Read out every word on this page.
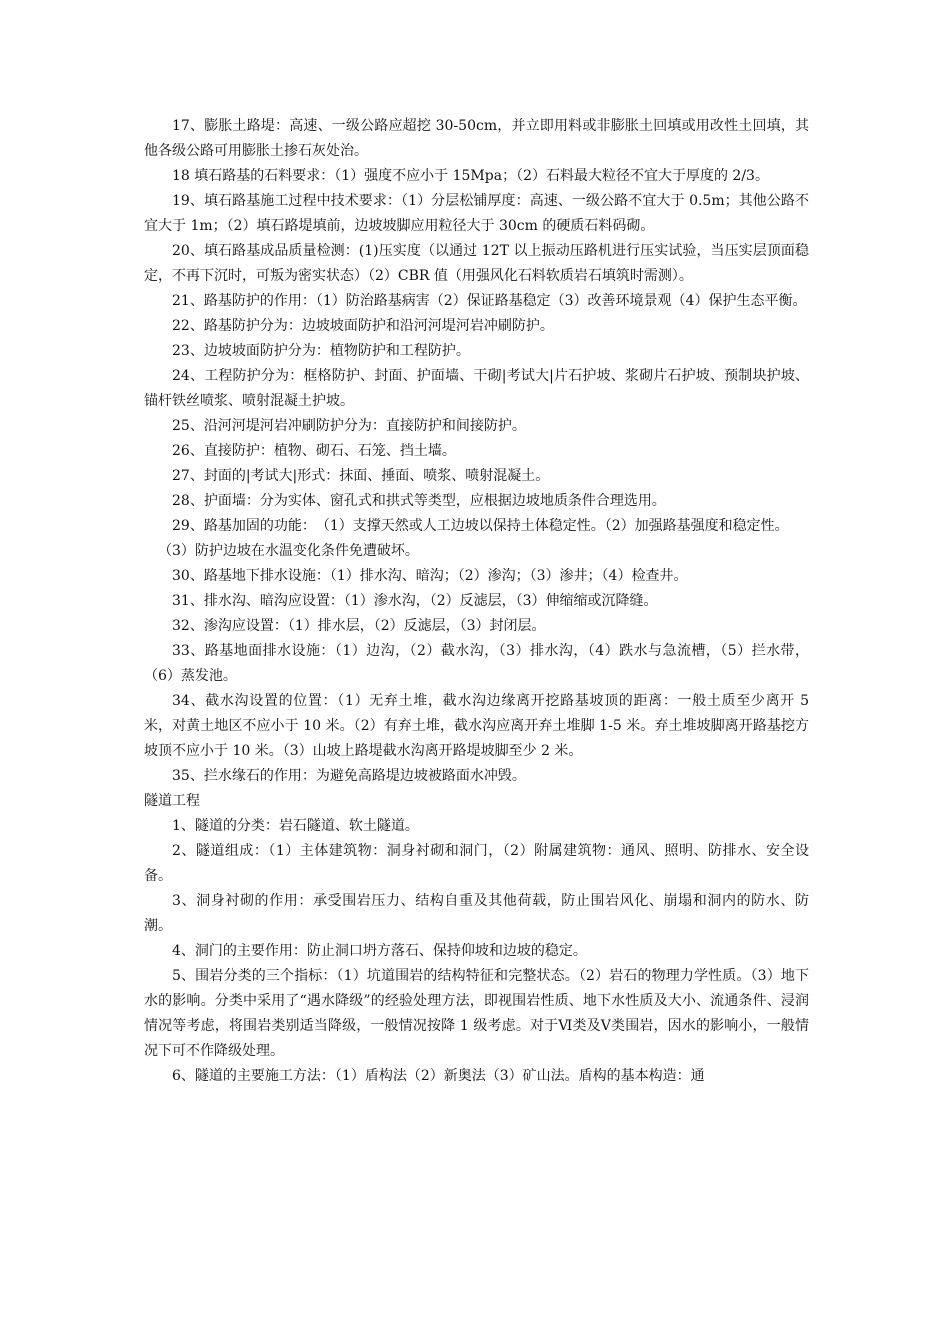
17、膨胀土路堤：高速、一级公路应超挖 30-50cm，并立即用料或非膨胀土回填或用改性土回填，其他各级公路可用膨胀土掺石灰处治。

18 填石路基的石料要求：（1）强度不应小于 15Mpa；（2）石料最大粒径不宜大于厚度的 2/3。

19、填石路基施工过程中技术要求：（1）分层松铺厚度：高速、一级公路不宜大于 0.5m；其他公路不宜大于 1m；（2）填石路堤填前，边坡坡脚应用粒径大于 30cm 的硬质石料码砌。

20、填石路基成品质量检测：(1)压实度（以通过 12T 以上振动压路机进行压实试验，当压实层顶面稳定，不再下沉时，可叛为密实状态）（2）CBR 值（用强风化石料软质岩石填筑时需测）。

21、路基防护的作用：（1）防治路基病害（2）保证路基稳定（3）改善环境景观（4）保护生态平衡。

22、路基防护分为：边坡坡面防护和沿河河堤河岩冲刷防护。

23、边坡坡面防护分为：植物防护和工程防护。

24、工程防护分为：框格防护、封面、护面墙、干砌|考试大|片石护坡、浆砌片石护坡、预制块护坡、锚杆铁丝喷浆、喷射混凝土护坡。

25、沿河河堤河岩冲刷防护分为：直接防护和间接防护。

26、直接防护：植物、砌石、石笼、挡土墙。

27、封面的|考试大|形式：抹面、捶面、喷浆、喷射混凝土。

28、护面墙：分为实体、窗孔式和拱式等类型，应根据边坡地质条件合理选用。

29、路基加固的功能：　（1）支撑天然或人工边坡以保持土体稳定性。（2）加强路基强度和稳定性。

（3）防护边坡在水温变化条件免遭破坏。

30、路基地下排水设施：（1）排水沟、暗沟；（2）渗沟；（3）渗井；（4）检查井。

31、排水沟、暗沟应设置：（1）渗水沟，（2）反滤层，（3）伸缩缩或沉降缝。

32、渗沟应设置：（1）排水层，（2）反滤层，（3）封闭层。

33、路基地面排水设施：（1）边沟，（2）截水沟，（3）排水沟，（4）跌水与急流槽，（5）拦水带，（6）蒸发池。

34、截水沟设置的位置：（1）无弃土堆，截水沟边缘离开挖路基坡顶的距离：一般土质至少离开 5 米，对黄土地区不应小于 10 米。（2）有弃土堆，截水沟应离开弃土堆脚 1-5 米。弃土堆坡脚离开路基挖方坡顶不应小于 10 米。（3）山坡上路堤截水沟离开路堤坡脚至少 2 米。

35、拦水缘石的作用：为避免高路堤边坡被路面水冲毁。

隧道工程

1、隧道的分类：岩石隧道、软土隧道。

2、隧道组成：（1）主体建筑物：洞身衬砌和洞门，（2）附属建筑物：通风、照明、防排水、安全设备。

3、洞身衬砌的作用：承受围岩压力、结构自重及其他荷载，防止围岩风化、崩塌和洞内的防水、防潮。

4、洞门的主要作用：防止洞口坍方落石、保持仰坡和边坡的稳定。

5、围岩分类的三个指标：（1）坑道围岩的结构特征和完整状态。（2）岩石的物理力学性质。（3）地下水的影响。分类中采用了“遇水降级”的经验处理方法，即视围岩性质、地下水性质及大小、流通条件、浸润情况等考虑，将围岩类别适当降级，一般情况按降 1 级考虑。对于Ⅵ类及Ⅴ类围岩，因水的影响小，一般情况下可不作降级处理。

6、隧道的主要施工方法：（1）盾构法（2）新奥法（3）矿山法。盾构的基本构造：通
